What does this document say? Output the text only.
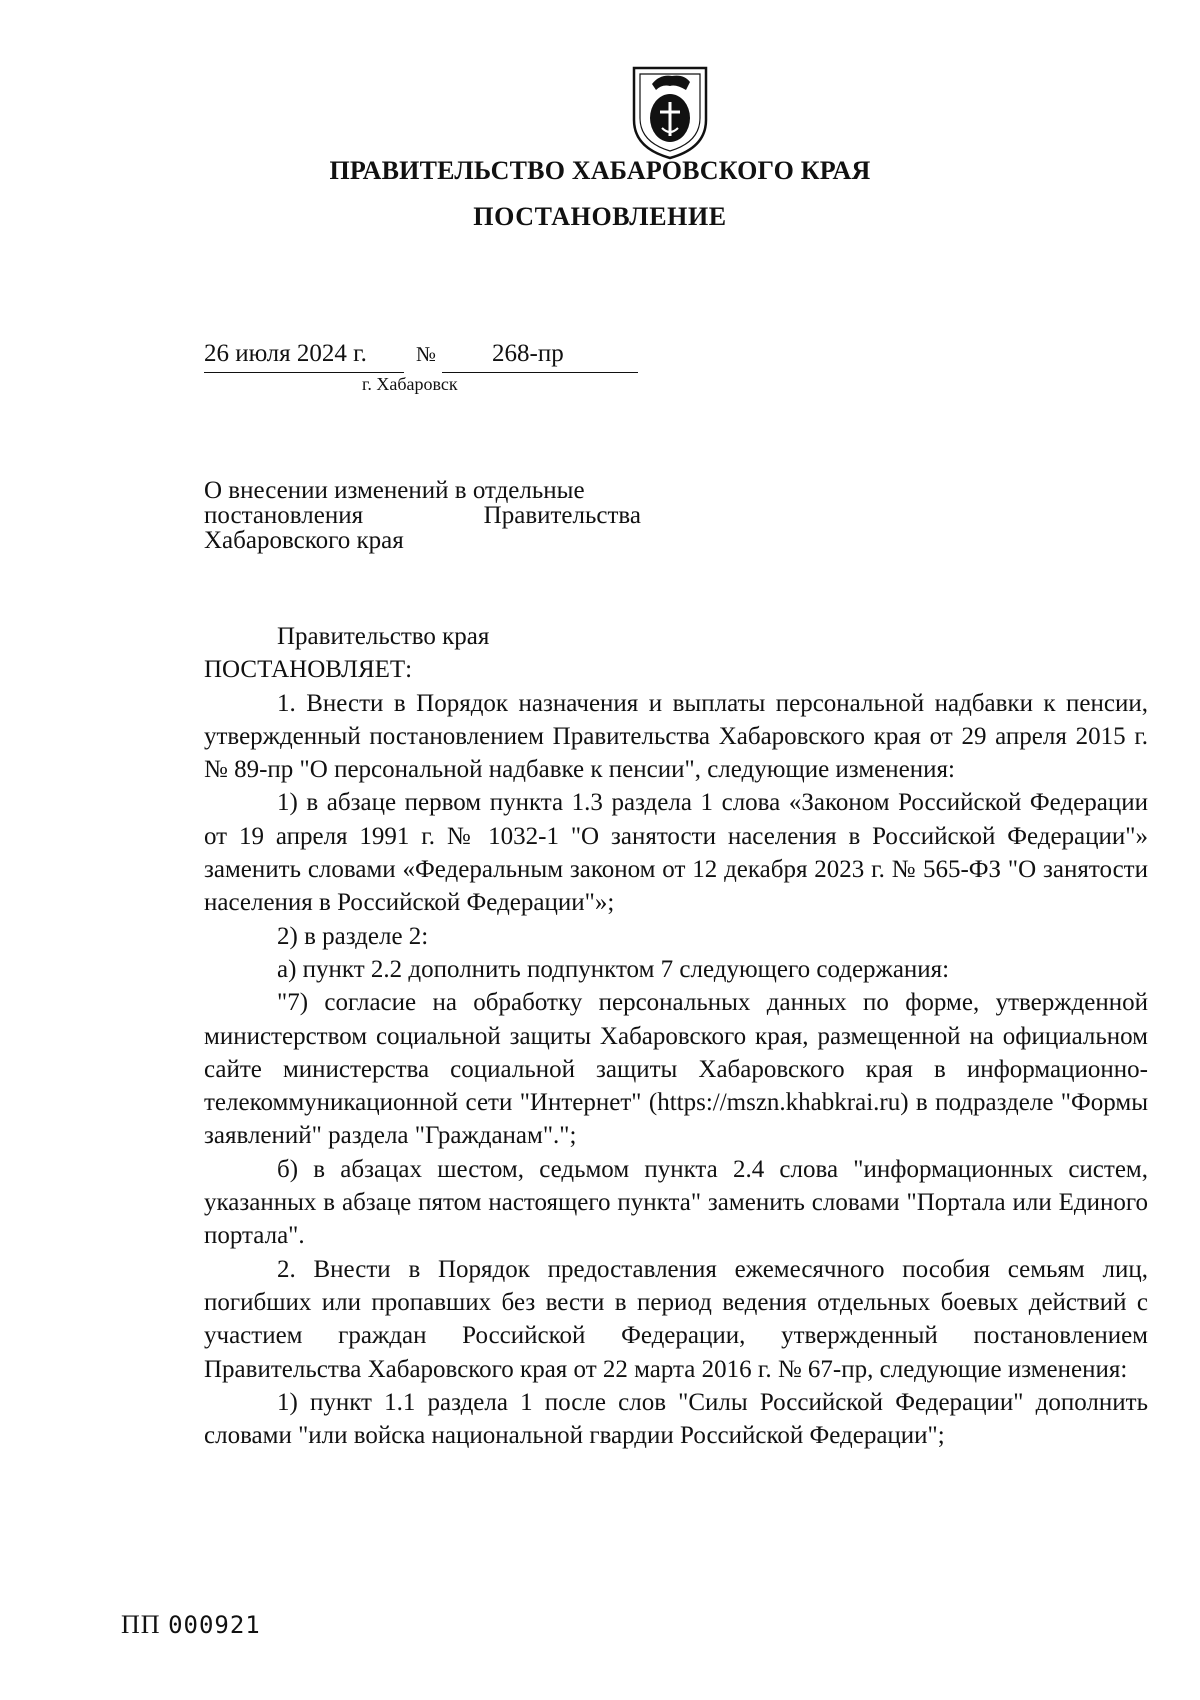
ПРАВИТЕЛЬСТВО ХАБАРОВСКОГО КРАЯ
ПОСТАНОВЛЕНИЕ
26 июля 2024 г. № 268-пр
г. Хабаровск
О внесении изменений в отдельные
постановления	Правительства
Хабаровского края

Правительство края

ПОСТАНОВЛЯЕТ:

1. Внести в Порядок назначения и выплаты персональной надбавки к пенсии, утвержденный постановлением Правительства Хабаровского края от 29 апреля 2015 г. № 89-пр "О персональной надбавке к пенсии", следующие изменения:

1) в абзаце первом пункта 1.3 раздела 1 слова «Законом Российской Федерации от 19 апреля 1991 г. № 1032-1 "О занятости населения в Российской Федерации"» заменить словами «Федеральным законом от 12 декабря 2023 г. № 565-ФЗ "О занятости населения в Российской Федерации"»;

2) в разделе 2:

а) пункт 2.2 дополнить подпунктом 7 следующего содержания:

"7) согласие на обработку персональных данных по форме, утвержденной министерством социальной защиты Хабаровского края, размещенной на официальном сайте министерства социальной защиты Хабаровского края в информационно-телекоммуникационной сети "Интернет" (https://mszn.khabkrai.ru) в подразделе "Формы заявлений" раздела "Гражданам".";

б) в абзацах шестом, седьмом пункта 2.4 слова "информационных систем, указанных в абзаце пятом настоящего пункта" заменить словами "Портала или Единого портала".

2. Внести в Порядок предоставления ежемесячного пособия семьям лиц, погибших или пропавших без вести в период ведения отдельных боевых действий с участием граждан Российской Федерации, утвержденный постановлением Правительства Хабаровского края от 22 марта 2016 г. № 67-пр, следующие изменения:

1) пункт 1.1 раздела 1 после слов "Силы Российской Федерации" дополнить словами "или войска национальной гвардии Российской Федерации";

ПП 000921
